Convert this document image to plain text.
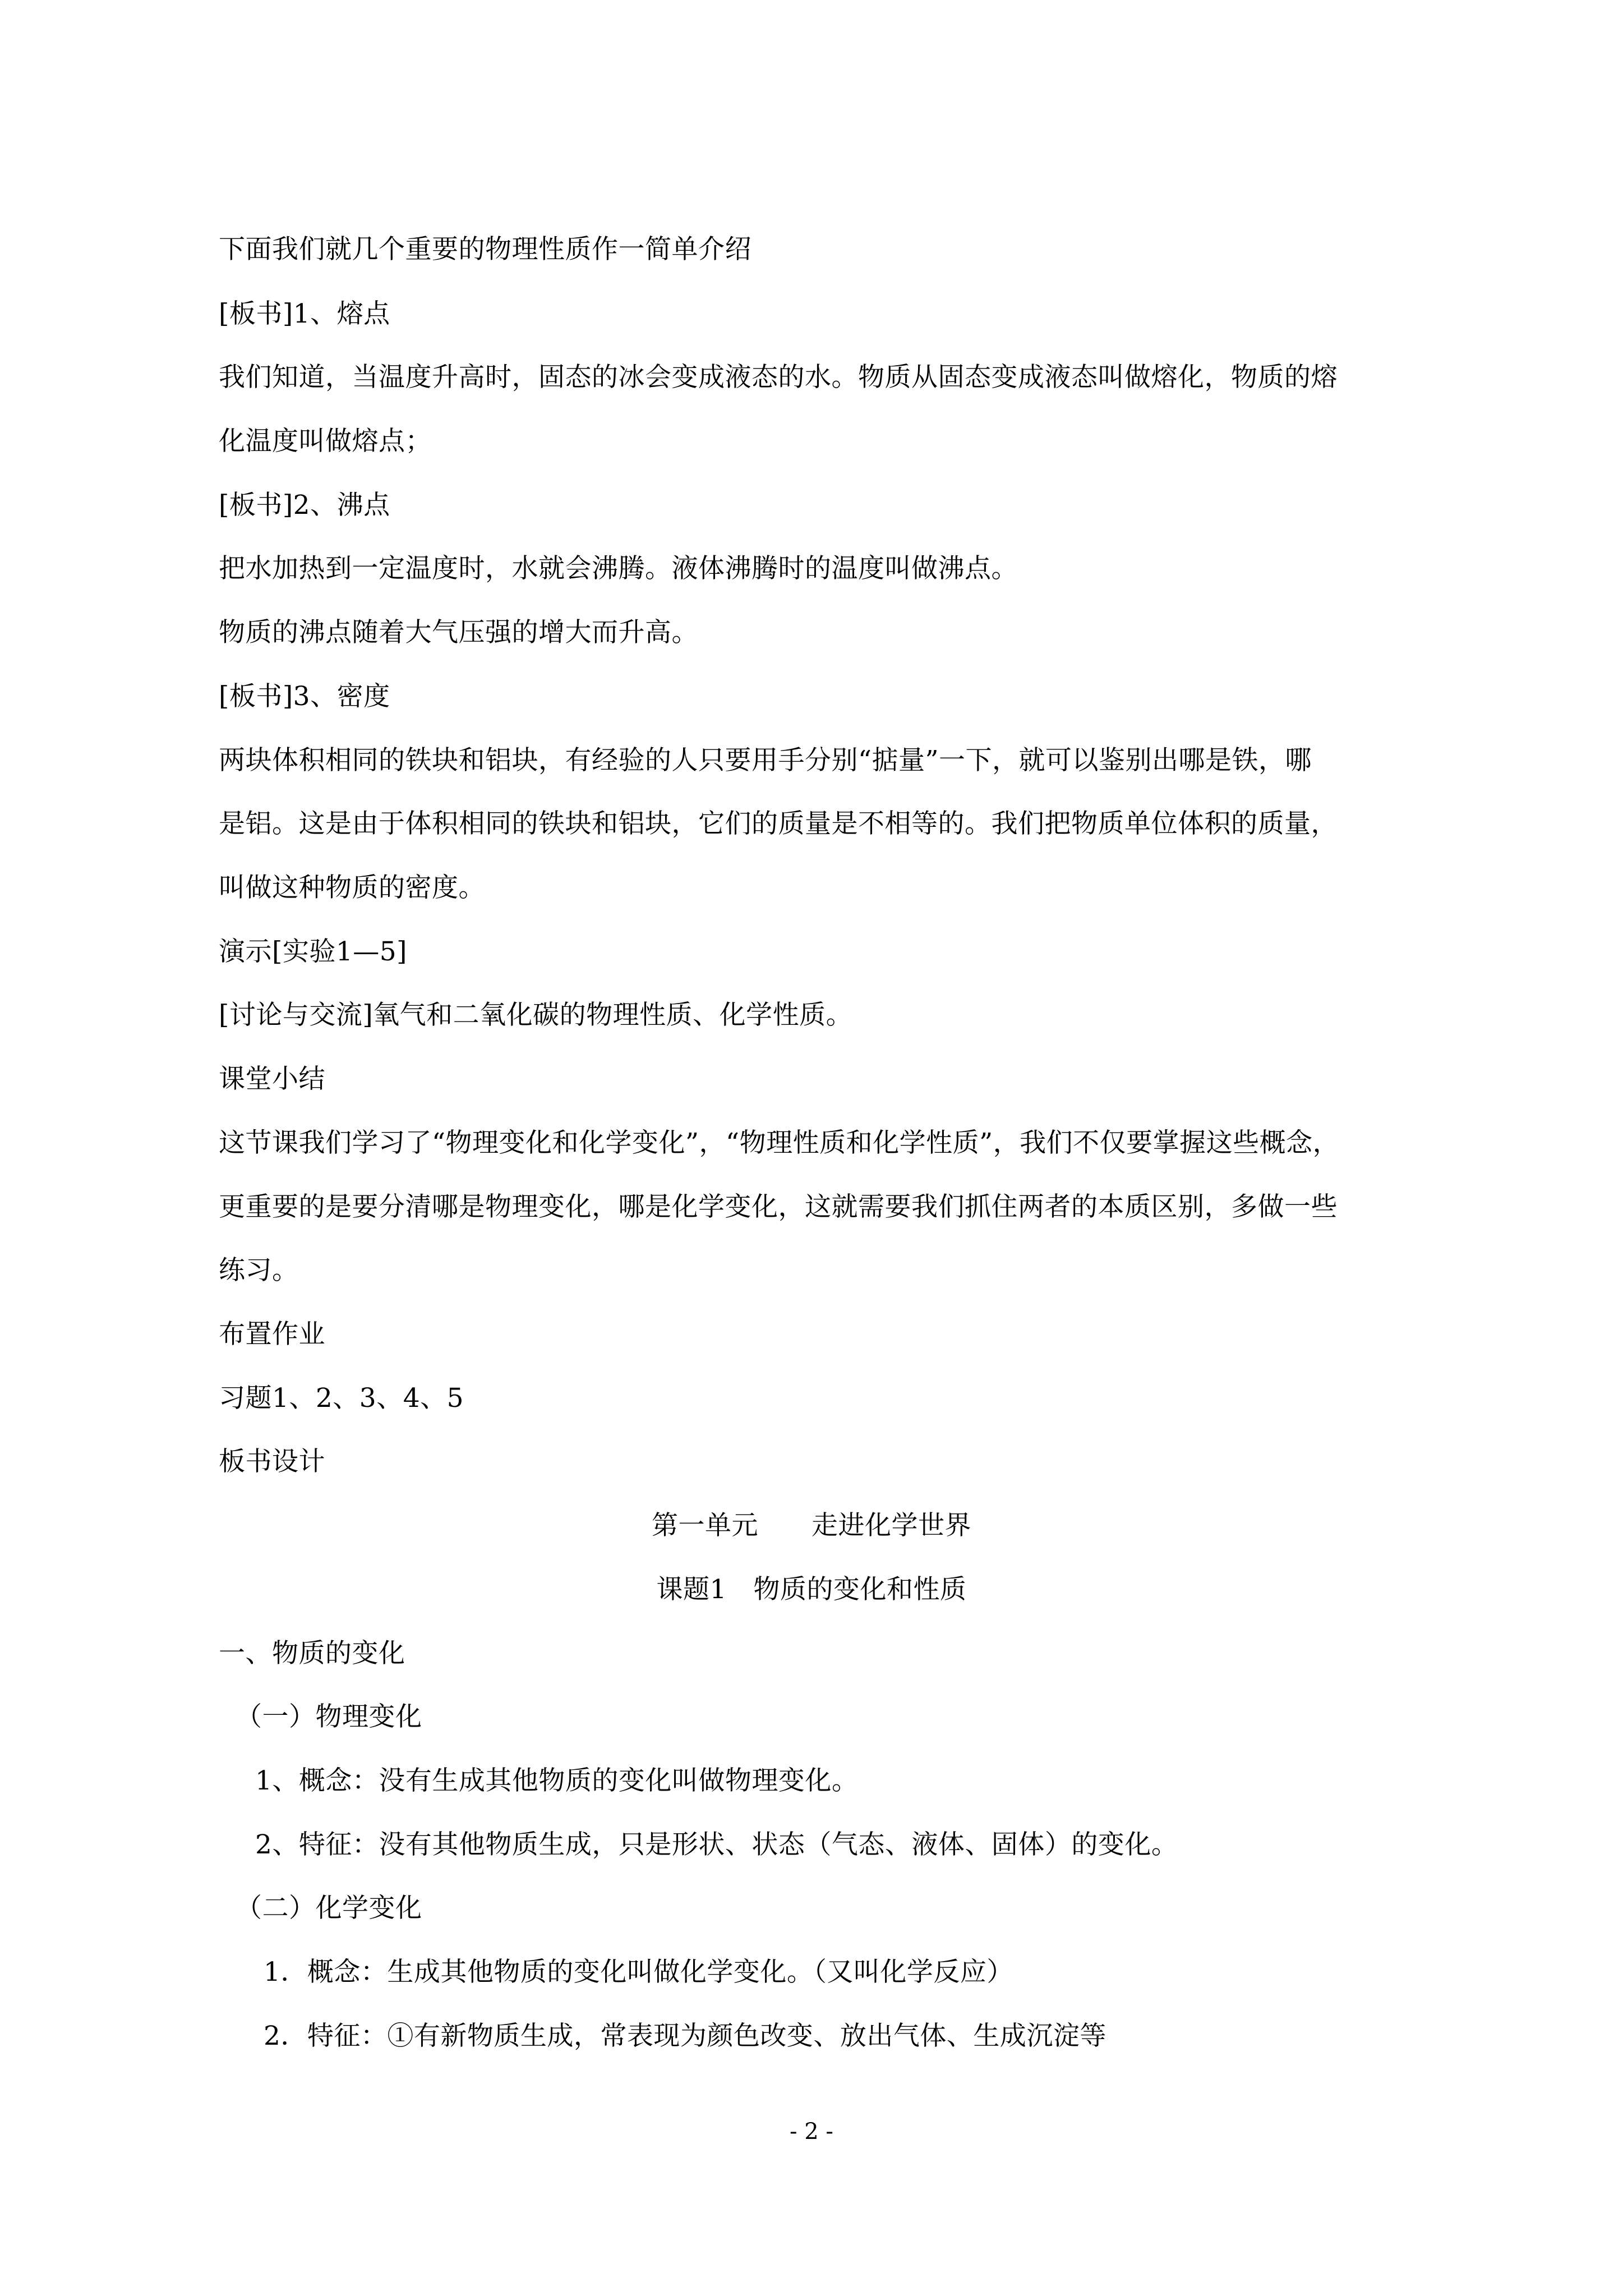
下面我们就几个重要的物理性质作一简单介绍
[板书]1、熔点
我们知道，当温度升高时，固态的冰会变成液态的水。物质从固态变成液态叫做熔化，物质的熔
化温度叫做熔点；
[板书]2、沸点
把水加热到一定温度时，水就会沸腾。液体沸腾时的温度叫做沸点。
物质的沸点随着大气压强的增大而升高。
[板书]3、密度
两块体积相同的铁块和铝块，有经验的人只要用手分别“掂量”一下，就可以鉴别出哪是铁，哪
是铝。这是由于体积相同的铁块和铝块，它们的质量是不相等的。我们把物质单位体积的质量，
叫做这种物质的密度。
演示[实验1—5]
[讨论与交流]氧气和二氧化碳的物理性质、化学性质。
课堂小结
这节课我们学习了“物理变化和化学变化”，“物理性质和化学性质”，我们不仅要掌握这些概念，
更重要的是要分清哪是物理变化，哪是化学变化，这就需要我们抓住两者的本质区别，多做一些
练习。
布置作业
习题1、2、3、4、5
板书设计
第一单元　　走进化学世界
课题1　物质的变化和性质
一、物质的变化
（一）物理变化
1、概念：没有生成其他物质的变化叫做物理变化。
2、特征：没有其他物质生成，只是形状、状态（气态、液体、固体）的变化。
（二）化学变化
1．概念：生成其他物质的变化叫做化学变化。（又叫化学反应）
2．特征：①有新物质生成，常表现为颜色改变、放出气体、生成沉淀等
- 2 -
